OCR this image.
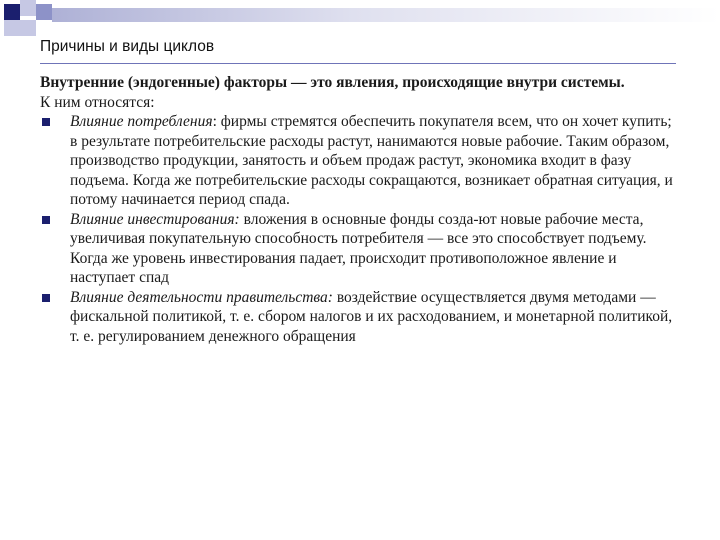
Причины и виды циклов

Внутренние (эндогенные) факторы — это явления, происходящие внутри системы.

К ним относятся:

Влияние потребления: фирмы стремятся обеспечить покупателя всем, что он хочет купить; в результате потребительские расходы растут, нанимаются новые рабочие. Таким образом, производство продукции, занятость и объем продаж растут, экономика входит в фазу подъема. Когда же потребительские расходы сокращаются, возникает обратная ситуация, и потому начинается период спада.
Влияние инвестирования: вложения в основные фонды созда-ют новые рабочие места, увеличивая покупательную способность потребителя — все это способствует подъему. Когда же уровень инвестирования падает, происходит противоположное явление и наступает спад
Влияние деятельности правительства: воздействие осуществляется двумя методами — фискальной политикой, т. е. сбором налогов и их расходованием, и монетарной политикой, т. е. регулированием денежного обращения
